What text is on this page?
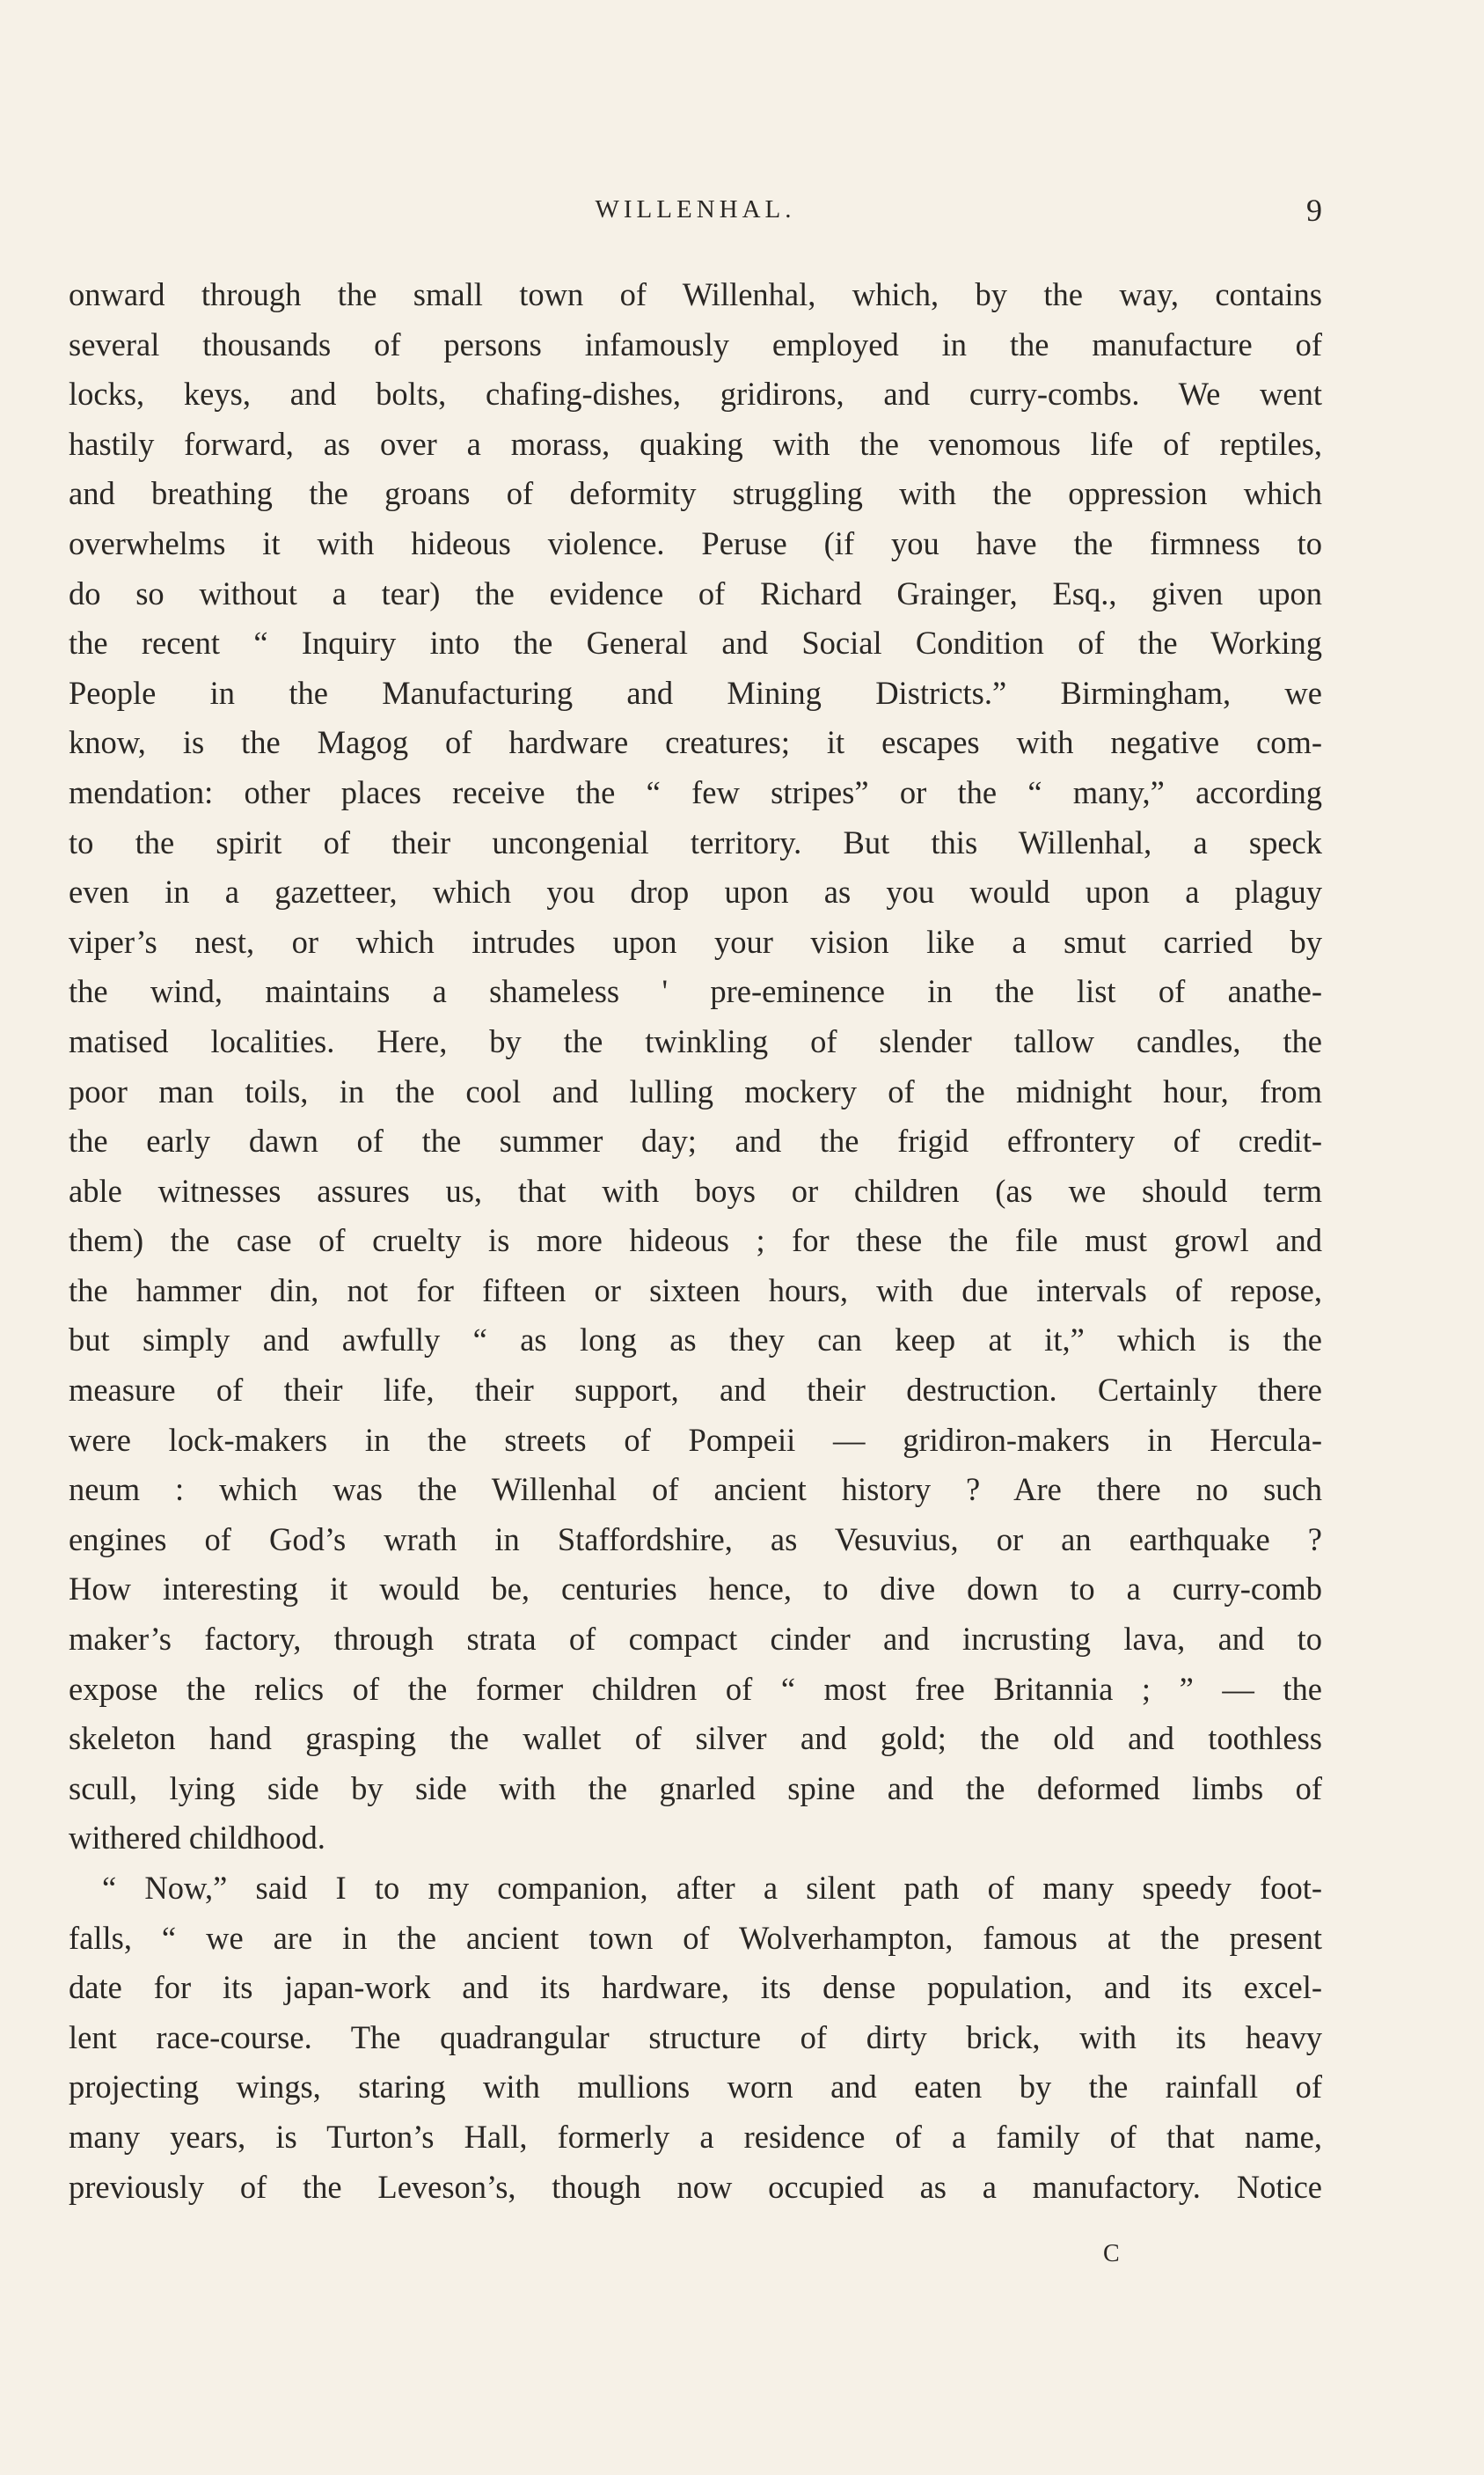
WILLENHAL.	9
onward through the small town of Willenhal, which, by the way, contains
several thousands of persons infamously employed in the manufacture of
locks, keys, and bolts, chafing-dishes, gridirons, and curry-combs. We went
hastily forward, as over a morass, quaking with the venomous life of reptiles,
and breathing the groans of deformity struggling with the oppression which
overwhelms it with hideous violence. Peruse (if you have the firmness to
do so without a tear) the evidence of Richard Grainger, Esq., given upon
the recent “ Inquiry into the General and Social Condition of the Working
People in the Manufacturing and Mining Districts.” Birmingham, we
know, is the Magog of hardware creatures; it escapes with negative com-
mendation: other places receive the “ few stripes” or the “ many,” according
to the spirit of their uncongenial territory. But this Willenhal, a speck
even in a gazetteer, which you drop upon as you would upon a plaguy
viper’s nest, or which intrudes upon your vision like a smut carried by
the wind, maintains a shameless ' pre-eminence in the list of anathe-
matised localities. Here, by the twinkling of slender tallow candles, the
poor man toils, in the cool and lulling mockery of the midnight hour, from
the early dawn of the summer day; and the frigid effrontery of credit-
able witnesses assures us, that with boys or children (as we should term
them) the case of cruelty is more hideous ; for these the file must growl and
the hammer din, not for fifteen or sixteen hours, with due intervals of repose,
but simply and awfully “ as long as they can keep at it,” which is the
measure of their life, their support, and their destruction. Certainly there
were lock-makers in the streets of Pompeii — gridiron-makers in Hercula-
neum : which was the Willenhal of ancient history ? Are there no such
engines of God’s wrath in Staffordshire, as Vesuvius, or an earthquake ?
How interesting it would be, centuries hence, to dive down to a curry-comb
maker’s factory, through strata of compact cinder and incrusting lava, and to
expose the relics of the former children of “ most free Britannia ; ” — the
skeleton hand grasping the wallet of silver and gold; the old and toothless
scull, lying side by side with the gnarled spine and the deformed limbs of
withered childhood.
“ Now,” said I to my companion, after a silent path of many speedy foot-
falls, “ we are in the ancient town of Wolverhampton, famous at the present
date for its japan-work and its hardware, its dense population, and its excel-
lent race-course. The quadrangular structure of dirty brick, with its heavy
projecting wings, staring with mullions worn and eaten by the rainfall of
many years, is Turton’s Hall, formerly a residence of a family of that name,
previously of the Leveson’s, though now occupied as a manufactory. Notice
C
